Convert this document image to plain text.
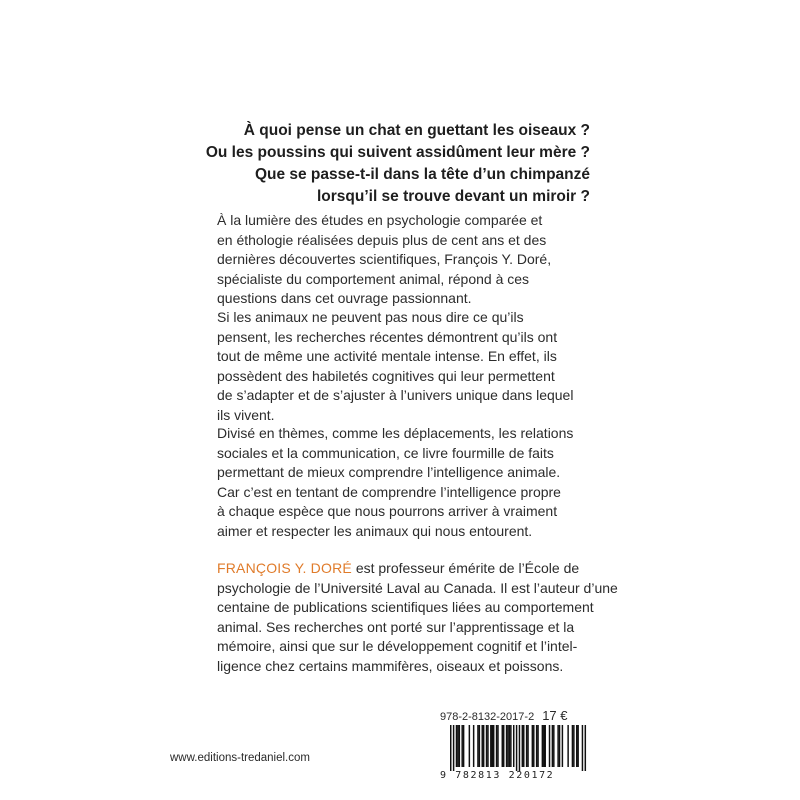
À quoi pense un chat en guettant les oiseaux ?
Ou les poussins qui suivent assidûment leur mère ?
Que se passe-t-il dans la tête d’un chimpanzé
lorsqu’il se trouve devant un miroir ?
À la lumière des études en psychologie comparée et
en éthologie réalisées depuis plus de cent ans et des
dernières découvertes scientifiques, François Y. Doré,
spécialiste du comportement animal, répond à ces
questions dans cet ouvrage passionnant.
Si les animaux ne peuvent pas nous dire ce qu’ils
pensent, les recherches récentes démontrent qu’ils ont
tout de même une activité mentale intense. En effet, ils
possèdent des habiletés cognitives qui leur permettent
de s’adapter et de s’ajuster à l’univers unique dans lequel
ils vivent.
Divisé en thèmes, comme les déplacements, les relations
sociales et la communication, ce livre fourmille de faits
permettant de mieux comprendre l’intelligence animale.
Car c’est en tentant de comprendre l’intelligence propre
à chaque espèce que nous pourrons arriver à vraiment
aimer et respecter les animaux qui nous entourent.
FRANÇOIS Y. DORÉ est professeur émérite de l’École de
psychologie de l’Université Laval au Canada. Il est l’auteur d’une
centaine de publications scientifiques liées au comportement
animal. Ses recherches ont porté sur l’apprentissage et la
mémoire, ainsi que sur le développement cognitif et l’intel-
ligence chez certains mammifères, oiseaux et poissons.
978-2-8132-2017-2 17 €
9 782813 220172
www.editions-tredaniel.com
